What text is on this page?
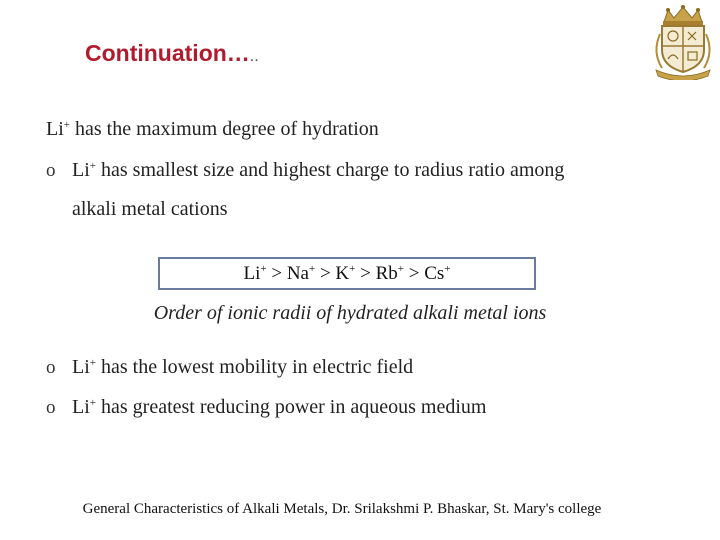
Continuation…..
Li+ has the maximum degree of hydration
o Li+ has smallest size and highest charge to radius ratio among
alkali metal cations
Li+ > Na+ > K+ > Rb+ > Cs+
Order of ionic radii of hydrated alkali metal ions
o Li+ has the lowest mobility in electric field
o Li+ has greatest reducing power in aqueous medium
General Characteristics of Alkali Metals, Dr. Srilakshmi P. Bhaskar, St. Mary's college
